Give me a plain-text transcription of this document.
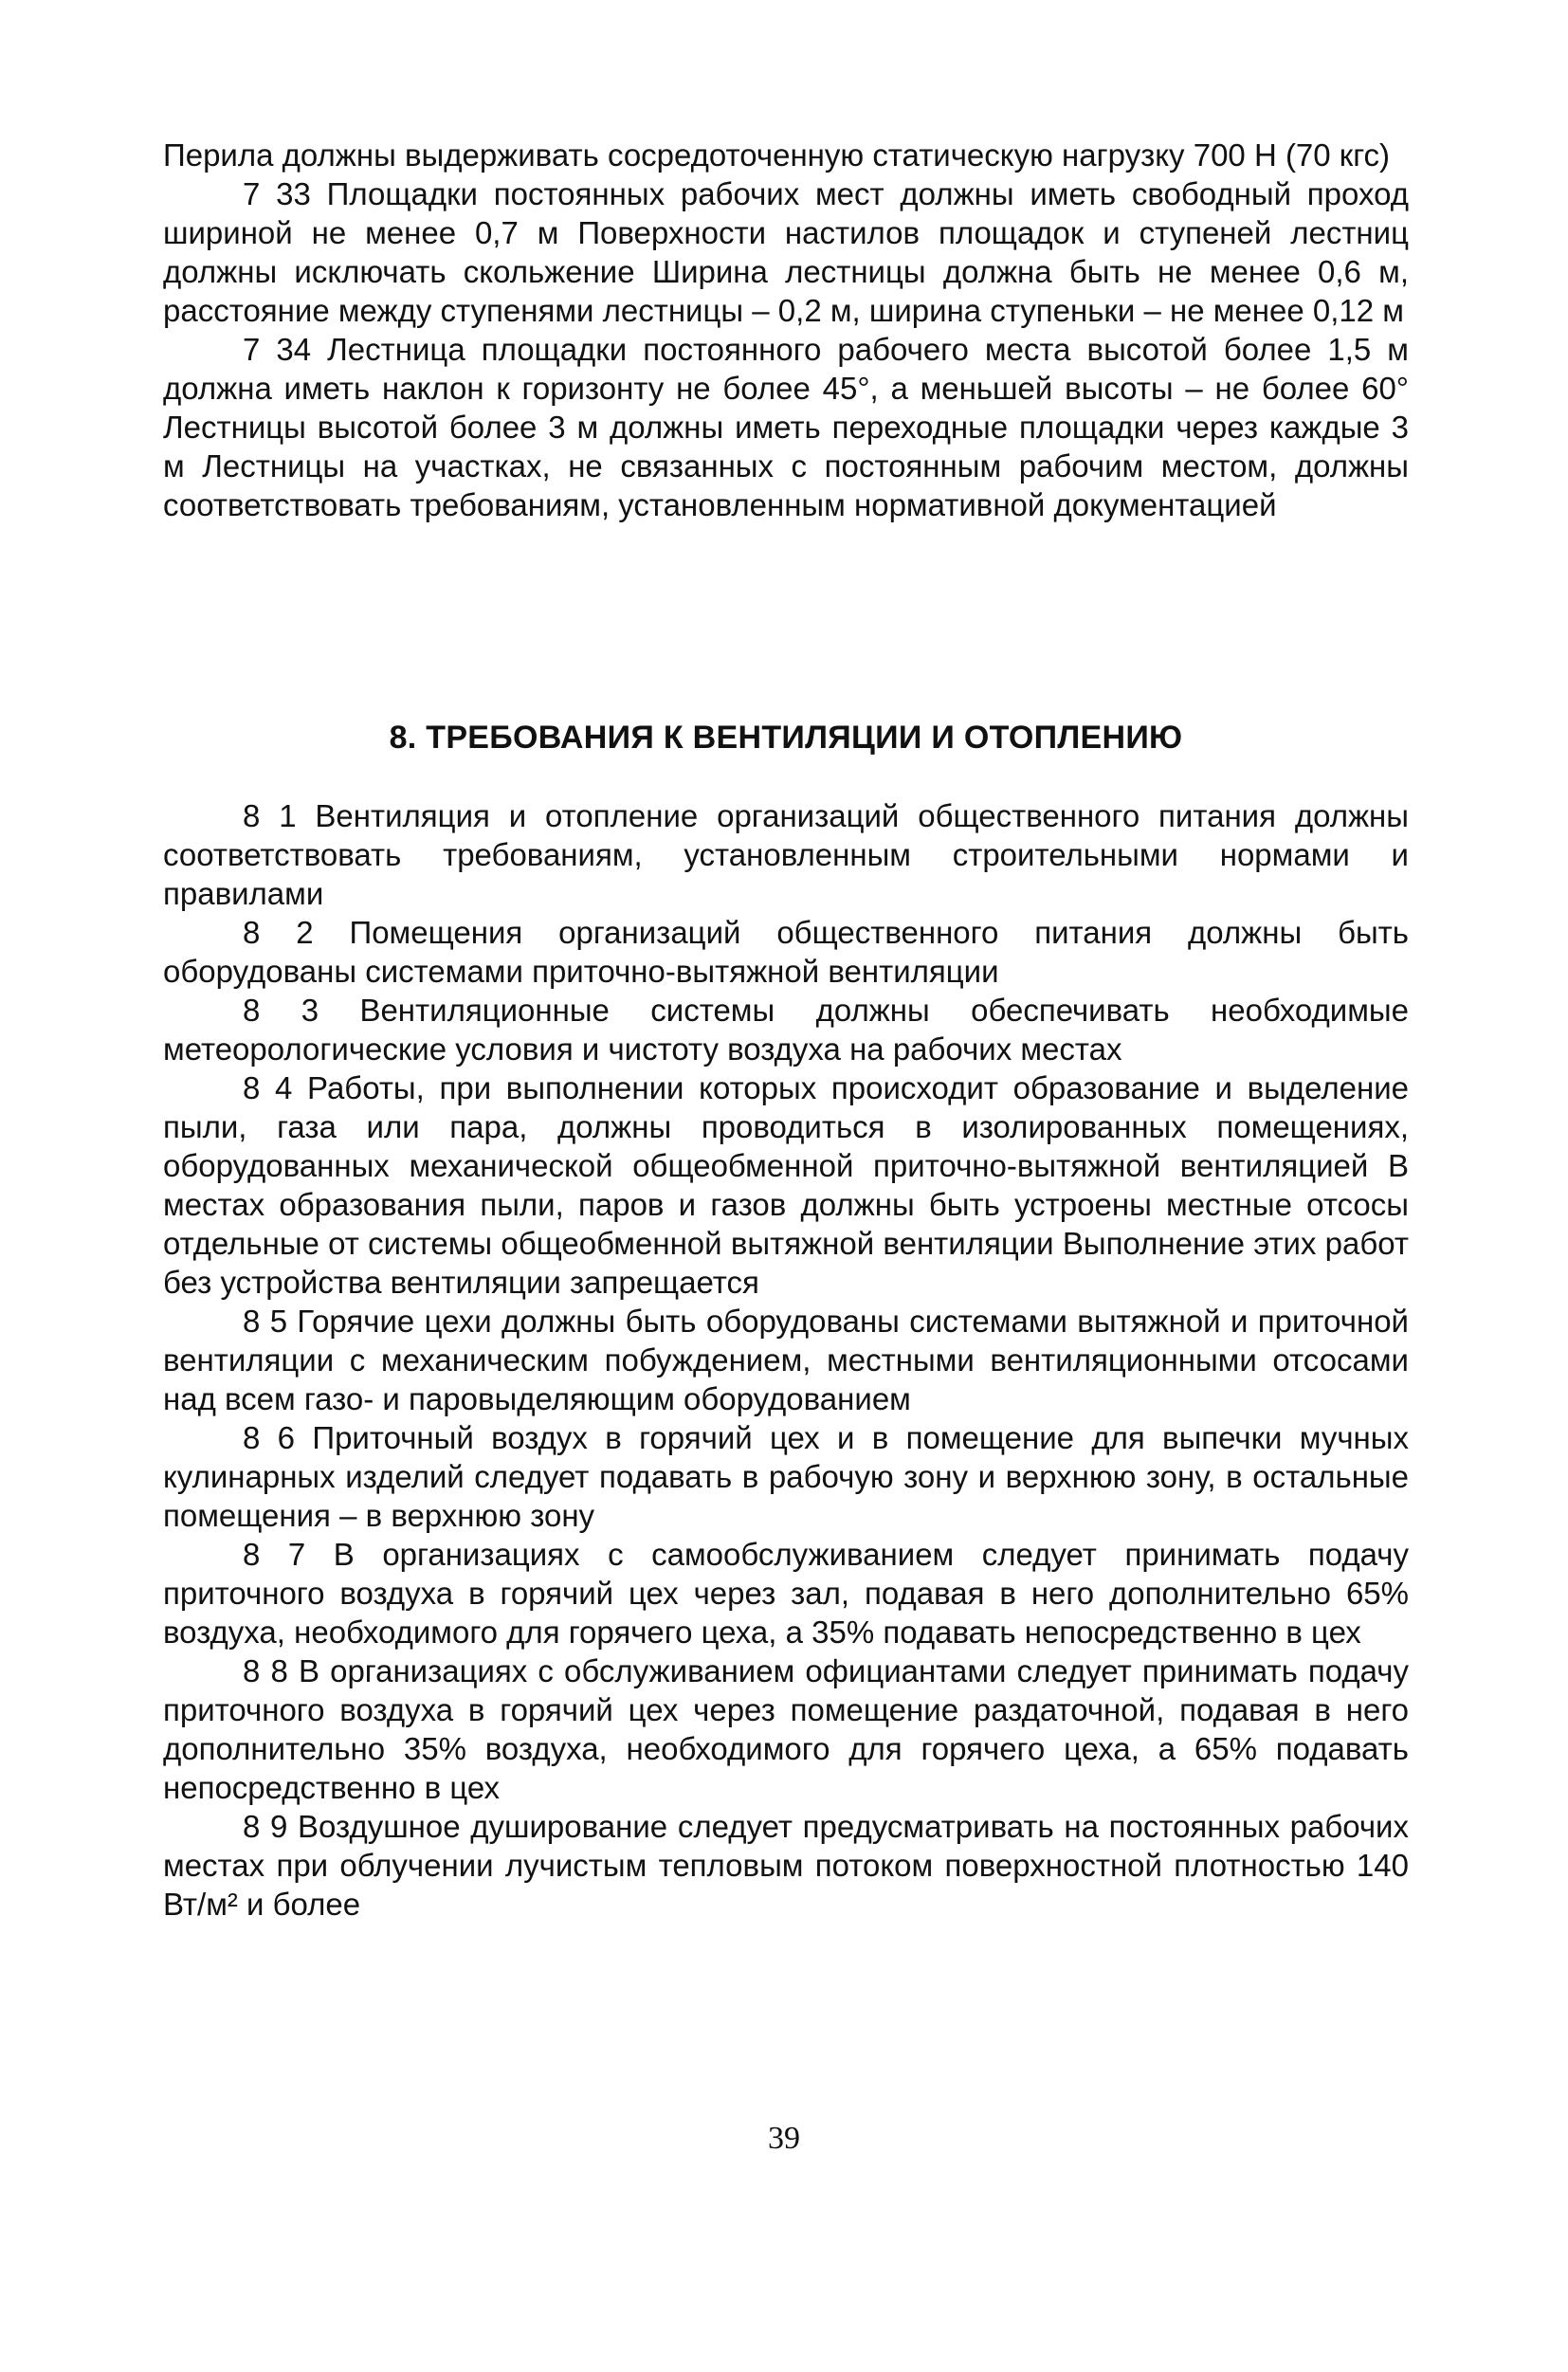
Перила должны выдерживать сосредоточенную статическую нагрузку 700 Н (70 кгс)

7 33 Площадки постоянных рабочих мест должны иметь свободный проход шириной не менее 0,7 м Поверхности настилов площадок и ступеней лестниц должны исключать скольжение Ширина лестницы должна быть не менее 0,6 м, расстояние между ступенями лестницы – 0,2 м, ширина ступеньки – не менее 0,12 м

7 34 Лестница площадки постоянного рабочего места высотой более 1,5 м должна иметь наклон к горизонту не более 45°, а меньшей высоты – не более 60° Лестницы высотой более 3 м должны иметь переходные площадки через каждые 3 м Лестницы на участках, не связанных с постоянным рабочим местом, должны соответствовать требованиям, установленным нормативной документацией

8. ТРЕБОВАНИЯ К ВЕНТИЛЯЦИИ И ОТОПЛЕНИЮ

8 1 Вентиляция и отопление организаций общественного питания должны соответствовать требованиям, установленным строительными нормами и правилами

8 2 Помещения организаций общественного питания должны быть оборудованы системами приточно-вытяжной вентиляции

8 3 Вентиляционные системы должны обеспечивать необходимые метеорологические условия и чистоту воздуха на рабочих местах

8 4 Работы, при выполнении которых происходит образование и выделение пыли, газа или пара, должны проводиться в изолированных помещениях, оборудованных механической общеобменной приточно-вытяжной вентиляцией В местах образования пыли, паров и газов должны быть устроены местные отсосы отдельные от системы общеобменной вытяжной вентиляции Выполнение этих работ без устройства вентиляции запрещается

8 5 Горячие цехи должны быть оборудованы системами вытяжной и приточной вентиляции с механическим побуждением, местными вентиляционными отсосами над всем газо- и паровыделяющим оборудованием

8 6 Приточный воздух в горячий цех и в помещение для выпечки мучных кулинарных изделий следует подавать в рабочую зону и верхнюю зону, в остальные помещения – в верхнюю зону

8 7 В организациях с самообслуживанием следует принимать подачу приточного воздуха в горячий цех через зал, подавая в него дополнительно 65% воздуха, необходимого для горячего цеха, а 35% подавать непосредственно в цех

8 8 В организациях с обслуживанием официантами следует принимать подачу приточного воздуха в горячий цех через помещение раздаточной, подавая в него дополнительно 35% воздуха, необходимого для горячего цеха, а 65% подавать непосредственно в цех

8 9 Воздушное душирование следует предусматривать на постоянных рабочих местах при облучении лучистым тепловым потоком поверхностной плотностью 140 Вт/м² и более

39
